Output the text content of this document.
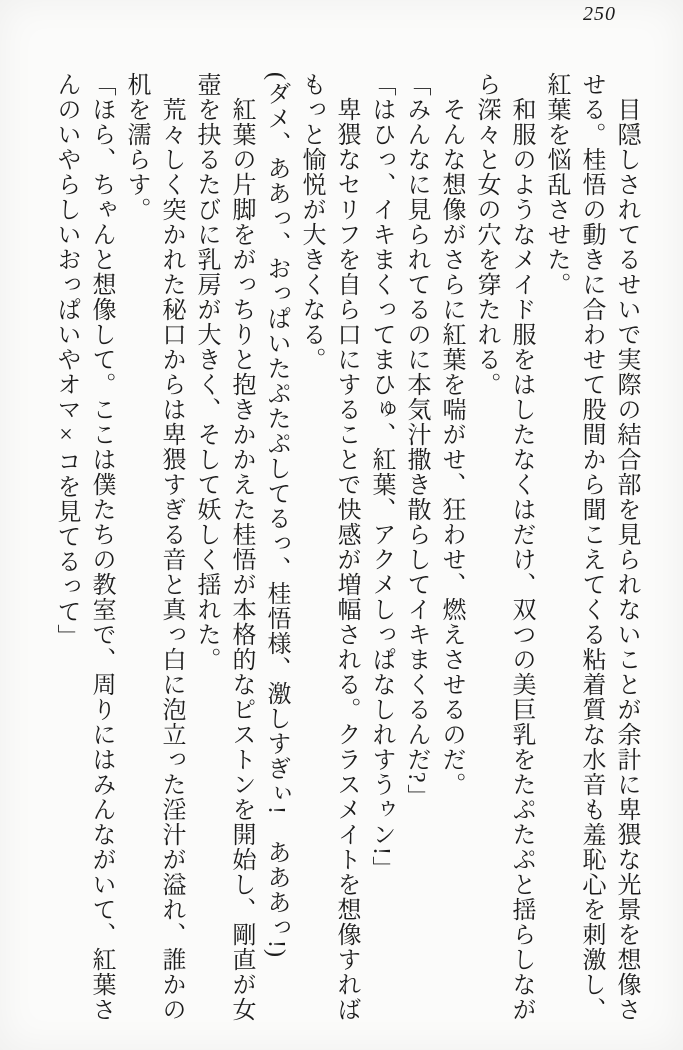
250

目隠しされてるせいで実際の結合部を見られないことが余計に卑猥な光景を想像さ

せる。桂悟の動きに合わせて股間から聞こえてくる粘着質な水音も羞恥心を刺激し、

紅葉を悩乱させた。

和服のようなメイド服をはしたなくはだけ、双つの美巨乳をたぷたぷと揺らしなが

ら深々と女の穴を穿たれる。

そんな想像がさらに紅葉を喘がせ、狂わせ、燃えさせるのだ。

「みんなに見られてるのに本気汁撒き散らしてイキまくるんだ?」

「はひっ、イキまくってまひゅ、紅葉、アクメしっぱなしれすうゥン!」

卑猥なセリフを自ら口にすることで快感が増幅される。クラスメイトを想像すれば

もっと愉悦が大きくなる。

(ダメ、ああっ、おっぱいたぷたぷしてるっ、桂悟様、激しすぎぃ!　あああっ!)

紅葉の片脚をがっちりと抱きかかえた桂悟が本格的なピストンを開始し、剛直が女

壺を抉るたびに乳房が大きく、そして妖しく揺れた。

荒々しく突かれた秘口からは卑猥すぎる音と真っ白に泡立った淫汁が溢れ、誰かの

机を濡らす。

「ほら、ちゃんと想像して。ここは僕たちの教室で、周りにはみんながいて、紅葉さ

んのいやらしいおっぱいやオマ×コを見てるって」
